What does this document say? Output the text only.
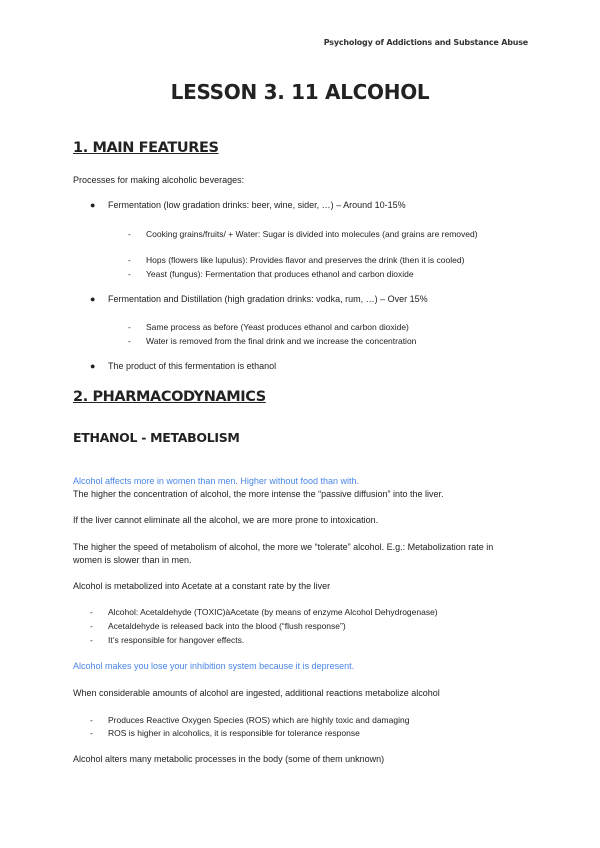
Psychology of Addictions and Substance Abuse
LESSON 3. 11 ALCOHOL
1. MAIN FEATURES
Processes for making alcoholic beverages:
● Fermentation (low gradation drinks: beer, wine, sider, …) – Around 10-15%
- Cooking grains/fruits/ + Water: Sugar is divided into molecules (and grains are removed)
- Hops (flowers like lupulus): Provides flavor and preserves the drink (then it is cooled)
- Yeast (fungus): Fermentation that produces ethanol and carbon dioxide
● Fermentation and Distillation (high gradation drinks: vodka, rum, …) – Over 15%
- Same process as before (Yeast produces ethanol and carbon dioxide)
- Water is removed from the final drink and we increase the concentration
● The product of this fermentation is ethanol
2. PHARMACODYNAMICS
ETHANOL - METABOLISM
Alcohol affects more in women than men. Higher without food than with.
The higher the concentration of alcohol, the more intense the “passive diffusion” into the liver.
If the liver cannot eliminate all the alcohol, we are more prone to intoxication.
The higher the speed of metabolism of alcohol, the more we “tolerate” alcohol. E.g.: Metabolization rate in women is slower than in men.
Alcohol is metabolized into Acetate at a constant rate by the liver
- Alcohol: Acetaldehyde (TOXIC)àAcetate (by means of enzyme Alcohol Dehydrogenase)
- Acetaldehyde is released back into the blood (“flush response”)
- It’s responsible for hangover effects.
Alcohol makes you lose your inhibition system because it is depresent.
When considerable amounts of alcohol are ingested, additional reactions metabolize alcohol
- Produces Reactive Oxygen Species (ROS) which are highly toxic and damaging
- ROS is higher in alcoholics, it is responsible for tolerance response
Alcohol alters many metabolic processes in the body (some of them unknown)
